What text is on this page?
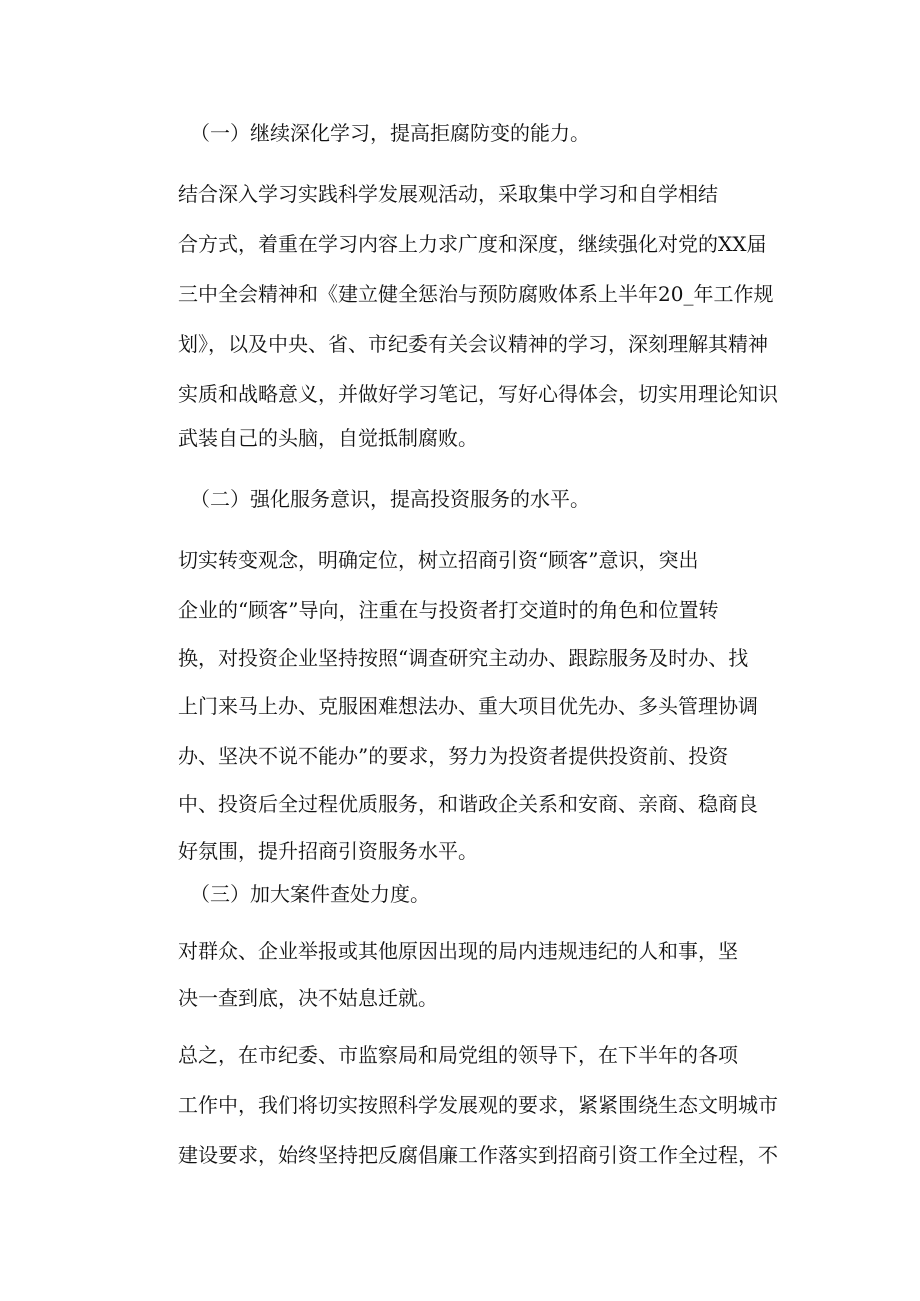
（一）继续深化学习，提高拒腐防变的能力。
结合深入学习实践科学发展观活动，采取集中学习和自学相结
合方式，着重在学习内容上力求广度和深度，继续强化对党的XX届
三中全会精神和《建立健全惩治与预防腐败体系上半年20_年工作规
划》，以及中央、省、市纪委有关会议精神的学习，深刻理解其精神
实质和战略意义，并做好学习笔记，写好心得体会，切实用理论知识
武装自己的头脑，自觉抵制腐败。
（二）强化服务意识，提高投资服务的水平。
切实转变观念，明确定位，树立招商引资“顾客”意识，突出
企业的“顾客”导向，注重在与投资者打交道时的角色和位置转
换，对投资企业坚持按照“调查研究主动办、跟踪服务及时办、找
上门来马上办、克服困难想法办、重大项目优先办、多头管理协调
办、坚决不说不能办”的要求，努力为投资者提供投资前、投资
中、投资后全过程优质服务，和谐政企关系和安商、亲商、稳商良
好氛围，提升招商引资服务水平。
（三）加大案件查处力度。
对群众、企业举报或其他原因出现的局内违规违纪的人和事，坚
决一查到底，决不姑息迁就。
总之，在市纪委、市监察局和局党组的领导下，在下半年的各项
工作中，我们将切实按照科学发展观的要求，紧紧围绕生态文明城市
建设要求，始终坚持把反腐倡廉工作落实到招商引资工作全过程，不
